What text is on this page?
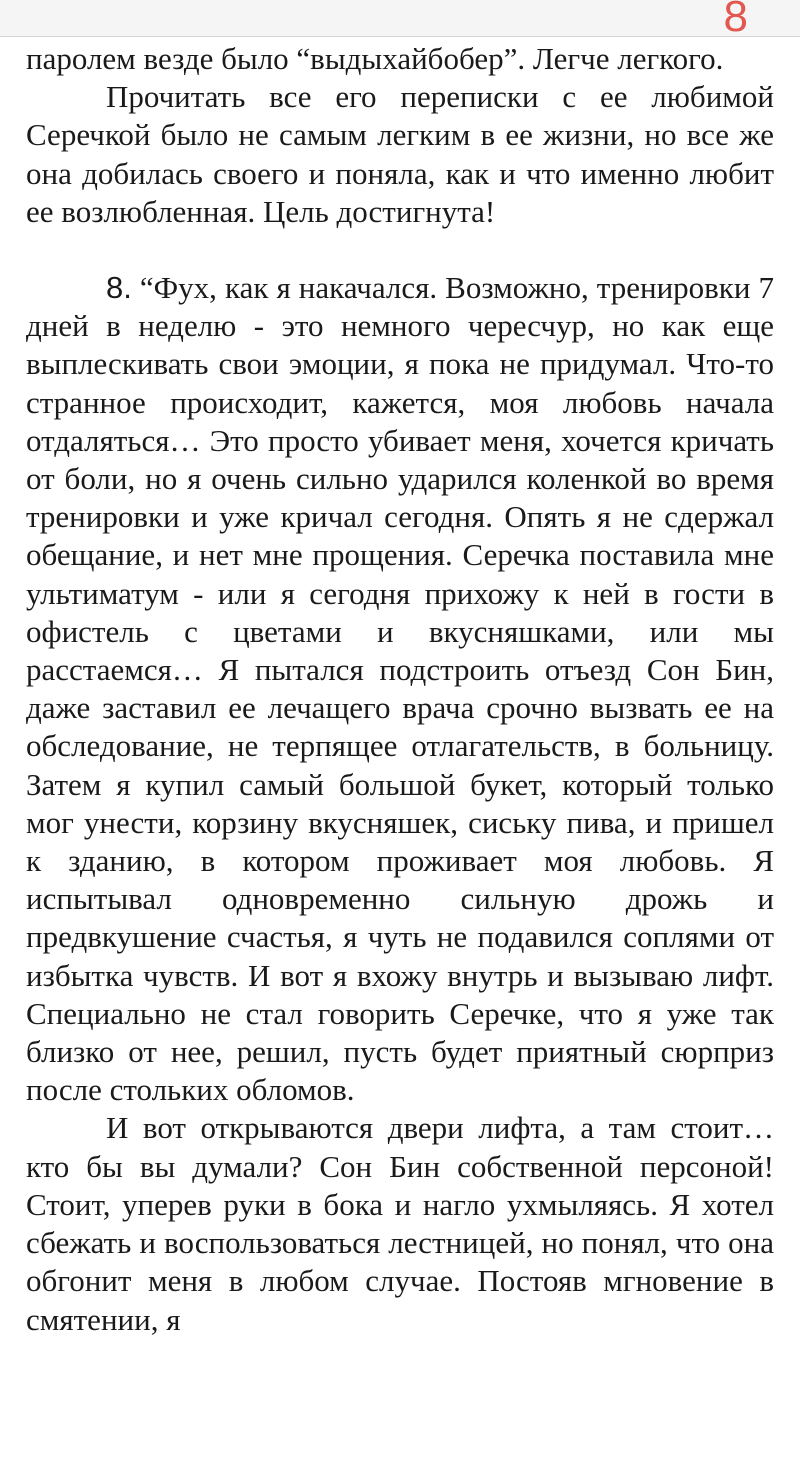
8

паролем везде было “выдыхайбобер”. Легче легкого.

Прочитать все его переписки с ее любимой Серечкой было не самым легким в ее жизни, но все же она добилась своего и поняла, как и что именно любит ее возлюбленная. Цель достигнута!

8. “Фух, как я накачался. Возможно, тренировки 7 дней в неделю - это немного чересчур, но как еще выплескивать свои эмоции, я пока не придумал. Что-то странное происходит, кажется, моя любовь начала отдаляться… Это просто убивает меня, хочется кричать от боли, но я очень сильно ударился коленкой во время тренировки и уже кричал сегодня. Опять я не сдержал обещание, и нет мне прощения. Серечка поставила мне ультиматум - или я сегодня прихожу к ней в гости в офистель с цветами и вкусняшками, или мы расстаемся… Я пытался подстроить отъезд Сон Бин, даже заставил ее лечащего врача срочно вызвать ее на обследование, не терпящее отлагательств, в больницу. Затем я купил самый большой букет, который только мог унести, корзину вкусняшек, сиську пива, и пришел к зданию, в котором проживает моя любовь. Я испытывал одновременно сильную дрожь и предвкушение счастья, я чуть не подавился соплями от избытка чувств. И вот я вхожу внутрь и вызываю лифт. Специально не стал говорить Серечке, что я уже так близко от нее, решил, пусть будет приятный сюрприз после стольких обломов.

И вот открываются двери лифта, а там стоит… кто бы вы думали? Сон Бин собственной персоной! Стоит, уперев руки в бока и нагло ухмыляясь. Я хотел сбежать и воспользоваться лестницей, но понял, что она обгонит меня в любом случае. Постояв мгновение в смятении, я
